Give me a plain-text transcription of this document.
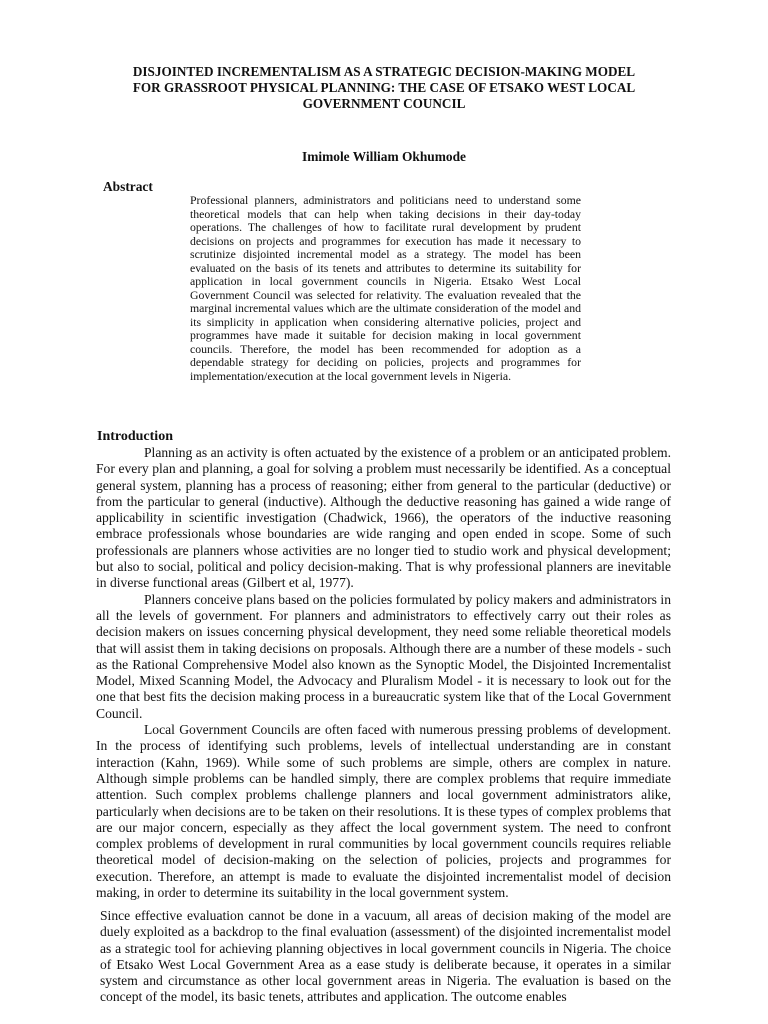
DISJOINTED INCREMENTALISM AS A STRATEGIC DECISION-MAKING MODEL FOR GRASSROOT PHYSICAL PLANNING: THE CASE OF ETSAKO WEST LOCAL GOVERNMENT COUNCIL
Imimole William Okhumode
Abstract
Professional planners, administrators and politicians need to understand some theoretical models that can help when taking decisions in their day-today operations. The challenges of how to facilitate rural development by prudent decisions on projects and programmes for execution has made it necessary to scrutinize disjointed incremental model as a strategy. The model has been evaluated on the basis of its tenets and attributes to determine its suitability for application in local government councils in Nigeria. Etsako West Local Government Council was selected for relativity. The evaluation revealed that the marginal incremental values which are the ultimate consideration of the model and its simplicity in application when considering alternative policies, project and programmes have made it suitable for decision making in local government councils. Therefore, the model has been recommended for adoption as a dependable strategy for deciding on policies, projects and programmes for implementation/execution at the local government levels in Nigeria.
Introduction

Planning as an activity is often actuated by the existence of a problem or an anticipated problem. For every plan and planning, a goal for solving a problem must necessarily be identified. As a conceptual general system, planning has a process of reasoning; either from general to the particular (deductive) or from the particular to general (inductive). Although the deductive reasoning has gained a wide range of applicability in scientific investigation (Chadwick, 1966), the operators of the inductive reasoning embrace professionals whose boundaries are wide ranging and open ended in scope. Some of such professionals are planners whose activities are no longer tied to studio work and physical development; but also to social, political and policy decision-making. That is why professional planners are inevitable in diverse functional areas (Gilbert et al, 1977).

Planners conceive plans based on the policies formulated by policy makers and administrators in all the levels of government. For planners and administrators to effectively carry out their roles as decision makers on issues concerning physical development, they need some reliable theoretical models that will assist them in taking decisions on proposals. Although there are a number of these models - such as the Rational Comprehensive Model also known as the Synoptic Model, the Disjointed Incrementalist Model, Mixed Scanning Model, the Advocacy and Pluralism Model - it is necessary to look out for the one that best fits the decision making process in a bureaucratic system like that of the Local Government Council.

Local Government Councils are often faced with numerous pressing problems of development. In the process of identifying such problems, levels of intellectual understanding are in constant interaction (Kahn, 1969). While some of such problems are simple, others are complex in nature. Although simple problems can be handled simply, there are complex problems that require immediate attention. Such complex problems challenge planners and local government administrators alike, particularly when decisions are to be taken on their resolutions. It is these types of complex problems that are our major concern, especially as they affect the local government system. The need to confront complex problems of development in rural communities by local government councils requires reliable theoretical model of decision-making on the selection of policies, projects and programmes for execution. Therefore, an attempt is made to evaluate the disjointed incrementalist model of decision making, in order to determine its suitability in the local government system.

Since effective evaluation cannot be done in a vacuum, all areas of decision making of the model are duely exploited as a backdrop to the final evaluation (assessment) of the disjointed incrementalist model as a strategic tool for achieving planning objectives in local government councils in Nigeria. The choice of Etsako West Local Government Area as a ease study is deliberate because, it operates in a similar system and circumstance as other local government areas in Nigeria. The evaluation is based on the concept of the model, its basic tenets, attributes and application. The outcome enables
